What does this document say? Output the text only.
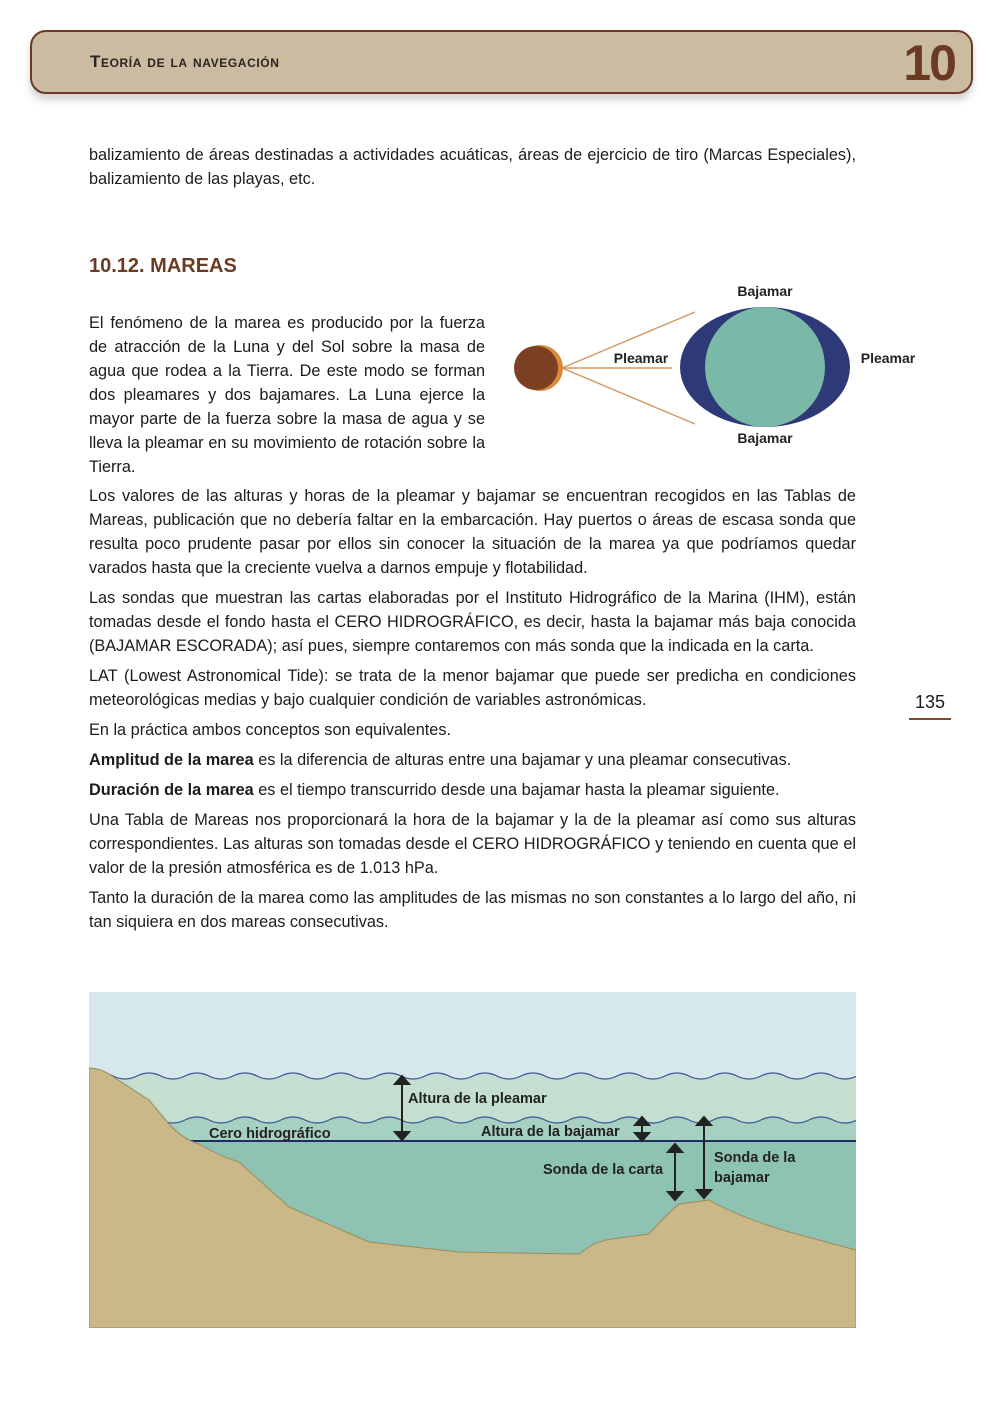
Teoría de la navegación	10

balizamiento de áreas destinadas a actividades acuáticas, áreas de ejercicio de tiro (Marcas Especiales), balizamiento de las playas, etc.

10.12. MAREAS
El fenómeno de la marea es producido por la fuerza de atracción de la Luna y del Sol sobre la masa de agua que rodea a la Tierra. De este modo se forman dos pleamares y dos bajamares. La Luna ejerce la mayor parte de la fuerza sobre la masa de agua y se lleva la pleamar en su movimiento de rotación sobre la Tierra.
Bajamar
Bajamar
Pleamar	Pleamar

Los valores de las alturas y horas de la pleamar y bajamar se encuentran recogidos en las Tablas de Mareas, publicación que no debería faltar en la embarcación. Hay puertos o áreas de escasa sonda que resulta poco prudente pasar por ellos sin conocer la situación de la marea ya que podríamos quedar varados hasta que la creciente vuelva a darnos empuje y flotabilidad.

Las sondas que muestran las cartas elaboradas por el Instituto Hidrográfico de la Marina (IHM), están tomadas desde el fondo hasta el CERO HIDROGRÁFICO, es decir, hasta la bajamar más baja conocida (BAJAMAR ESCORADA); así pues, siempre contaremos con más sonda que la indicada en la carta.

LAT (Lowest Astronomical Tide): se trata de la menor bajamar que puede ser predicha en condiciones meteorológicas medias y bajo cualquier condición de variables astronómicas.

En la práctica ambos conceptos son equivalentes.

Amplitud de la marea es la diferencia de alturas entre una bajamar y una pleamar consecutivas.

Duración de la marea es el tiempo transcurrido desde una bajamar hasta la pleamar siguiente.

Una Tabla de Mareas nos proporcionará la hora de la bajamar y la de la pleamar así como sus alturas correspondientes. Las alturas son tomadas desde el CERO HIDROGRÁFICO y teniendo en cuenta que el valor de la presión atmosférica es de 1.013 hPa.

Tanto la duración de la marea como las amplitudes de las mismas no son constantes a lo largo del año, ni tan siquiera en dos mareas consecutivas.

135
Altura de la pleamar
Cero hidrográfico	Altura de la bajamar
Sonda de la carta
Sonda de la
bajamar
